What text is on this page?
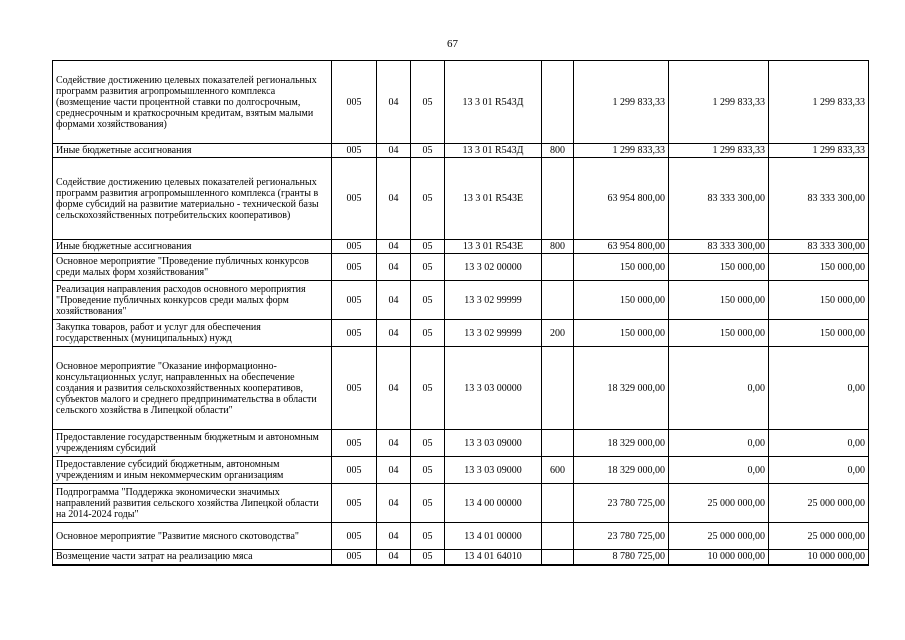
67
Содействие достижению целевых показателей региональных программ развития агропромышленного комплекса (возмещение части процентной ставки по долгосрочным, среднесрочным и краткосрочным кредитам, взятым малыми формами хозяйствования)	005	04	05	13 3 01 R543Д		1 299 833,33	1 299 833,33	1 299 833,33
Иные бюджетные ассигнования	005	04	05	13 3 01 R543Д	800	1 299 833,33	1 299 833,33	1 299 833,33
Содействие достижению целевых показателей региональных программ развития агропромышленного комплекса (гранты в форме субсидий на развитие материально - технической базы сельскохозяйственных потребительских кооперативов)	005	04	05	13 3 01 R543Е		63 954 800,00	83 333 300,00	83 333 300,00
Иные бюджетные ассигнования	005	04	05	13 3 01 R543Е	800	63 954 800,00	83 333 300,00	83 333 300,00
Основное мероприятие "Проведение публичных конкурсов среди малых форм хозяйствования"	005	04	05	13 3 02 00000		150 000,00	150 000,00	150 000,00
Реализация направления расходов основного мероприятия "Проведение публичных конкурсов среди малых форм хозяйствования"	005	04	05	13 3 02 99999		150 000,00	150 000,00	150 000,00
Закупка товаров, работ и услуг для обеспечения государственных (муниципальных) нужд	005	04	05	13 3 02 99999	200	150 000,00	150 000,00	150 000,00
Основное мероприятие "Оказание информационно-консультационных услуг, направленных на обеспечение создания и развития сельскохозяйственных кооперативов, субъектов малого и среднего предпринимательства в области сельского хозяйства в Липецкой области"	005	04	05	13 3 03 00000		18 329 000,00	0,00	0,00
Предоставление государственным бюджетным и автономным учреждениям субсидий	005	04	05	13 3 03 09000		18 329 000,00	0,00	0,00
Предоставление субсидий бюджетным, автономным учреждениям и иным некоммерческим организациям	005	04	05	13 3 03 09000	600	18 329 000,00	0,00	0,00
Подпрограмма "Поддержка экономически значимых направлений развития сельского хозяйства Липецкой области на 2014-2024 годы"	005	04	05	13 4 00 00000		23 780 725,00	25 000 000,00	25 000 000,00
Основное мероприятие "Развитие мясного скотоводства"	005	04	05	13 4 01 00000		23 780 725,00	25 000 000,00	25 000 000,00
Возмещение части затрат на реализацию мяса	005	04	05	13 4 01 64010		8 780 725,00	10 000 000,00	10 000 000,00
